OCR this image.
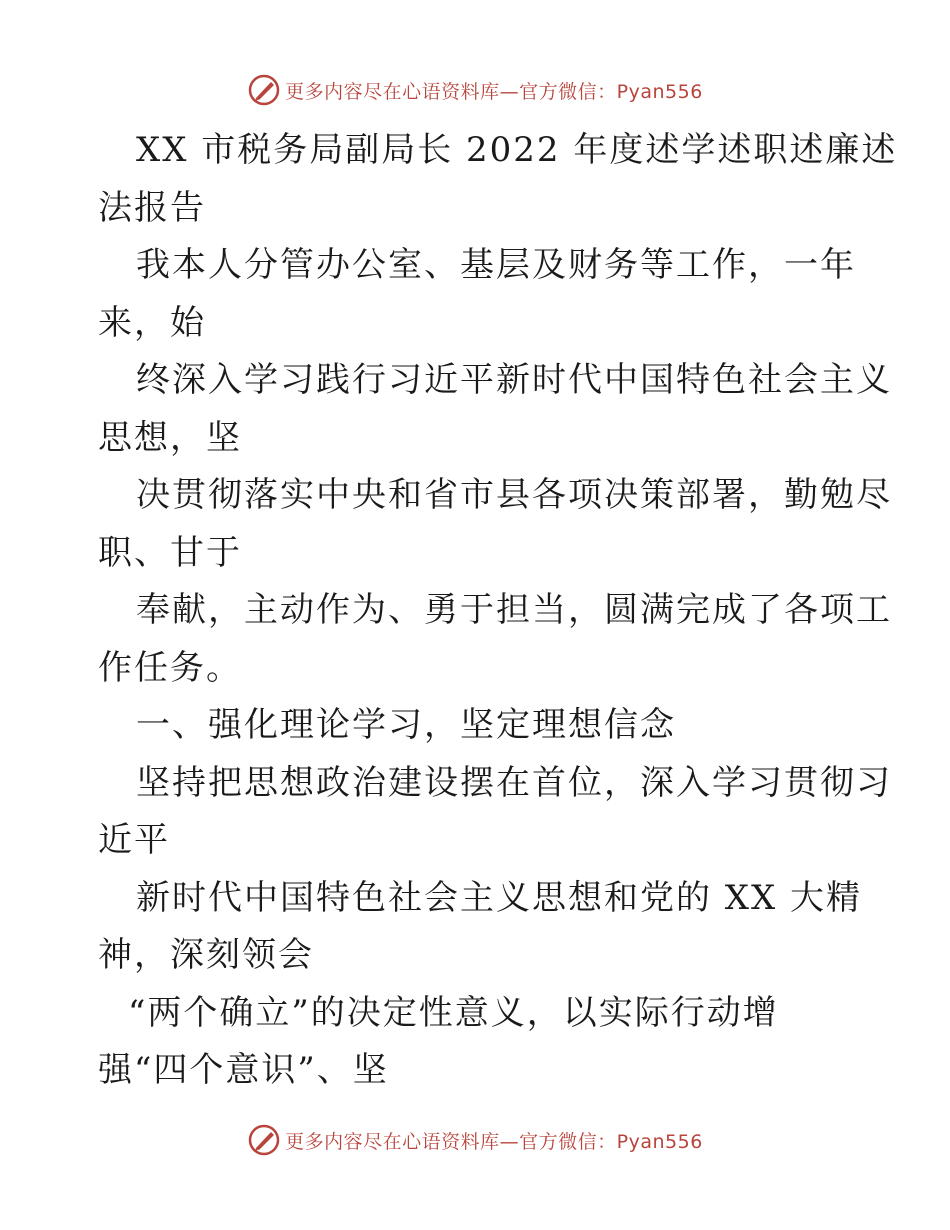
更多内容尽在心语资料库—官方微信：Pyan556
XX 市税务局副局长 2022 年度述学述职述廉述
法报告
我本人分管办公室、基层及财务等工作，一年
来，始
终深入学习践行习近平新时代中国特色社会主义
思想，坚
决贯彻落实中央和省市县各项决策部署，勤勉尽
职、甘于
奉献，主动作为、勇于担当，圆满完成了各项工
作任务。
一、强化理论学习，坚定理想信念
坚持把思想政治建设摆在首位，深入学习贯彻习
近平
新时代中国特色社会主义思想和党的 XX 大精
神，深刻领会
“两个确立”的决定性意义，以实际行动增
强“四个意识”、坚
更多内容尽在心语资料库—官方微信：Pyan556
